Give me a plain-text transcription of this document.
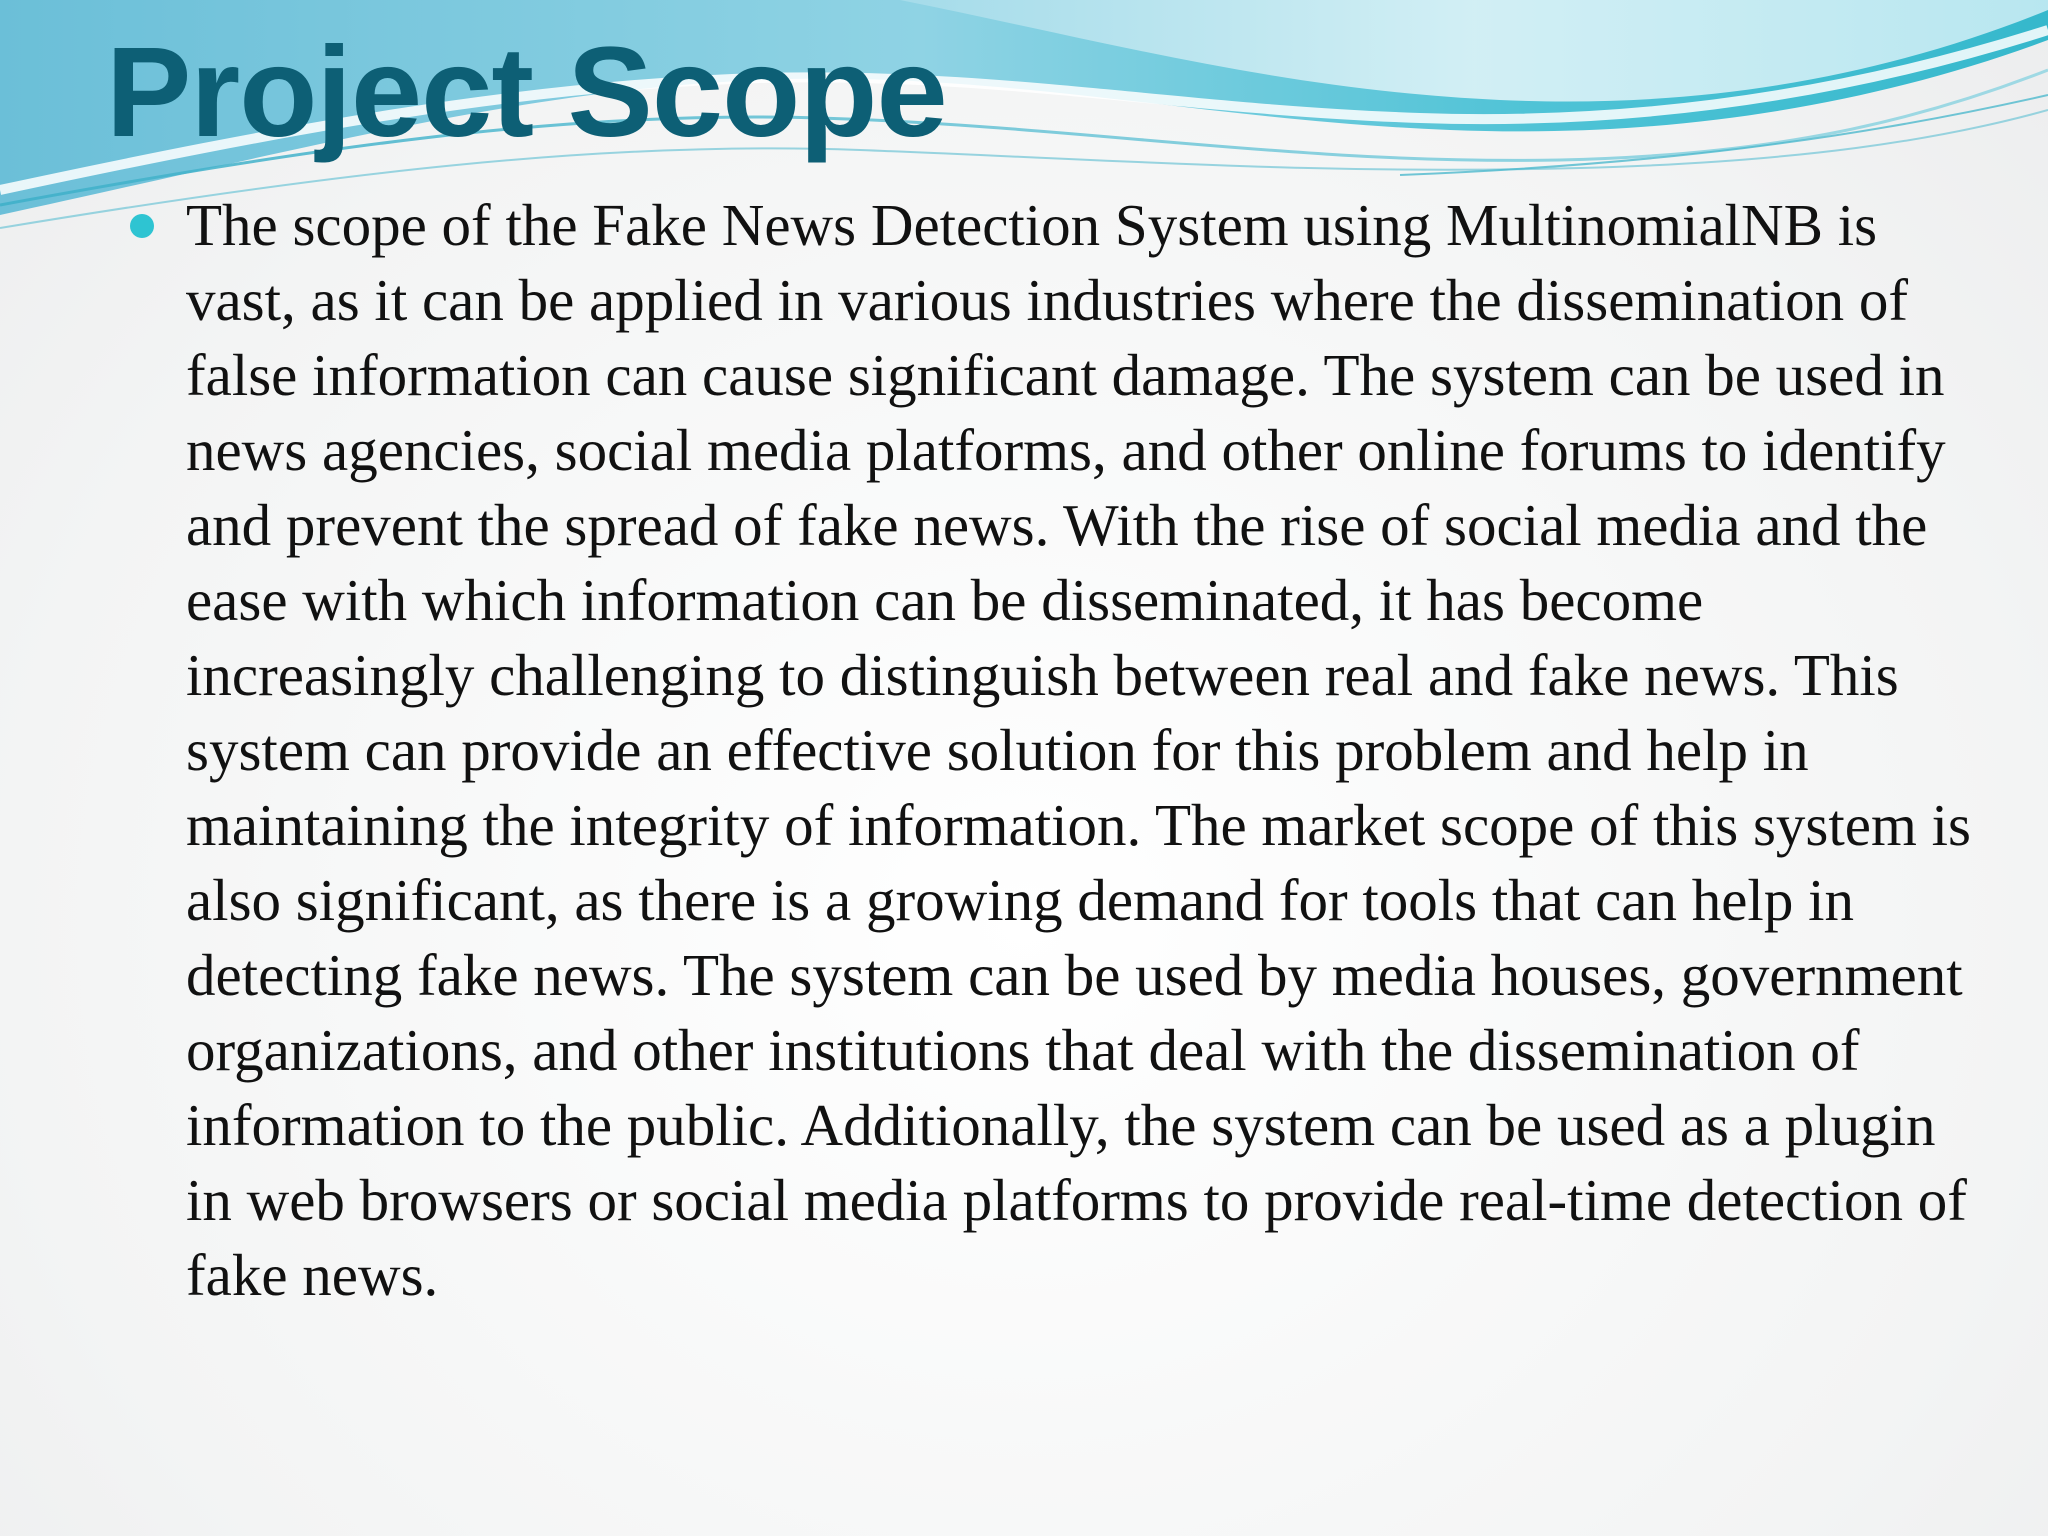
Project Scope
The scope of the Fake News Detection System using MultinomialNB is vast, as it can be applied in various industries where the dissemination of false information can cause significant damage. The system can be used in news agencies, social media platforms, and other online forums to identify and prevent the spread of fake news. With the rise of social media and the ease with which information can be disseminated, it has become increasingly challenging to distinguish between real and fake news. This system can provide an effective solution for this problem and help in maintaining the integrity of information. The market scope of this system is also significant, as there is a growing demand for tools that can help in detecting fake news. The system can be used by media houses, government organizations, and other institutions that deal with the dissemination of information to the public. Additionally, the system can be used as a plugin in web browsers or social media platforms to provide real-time detection of fake news.
